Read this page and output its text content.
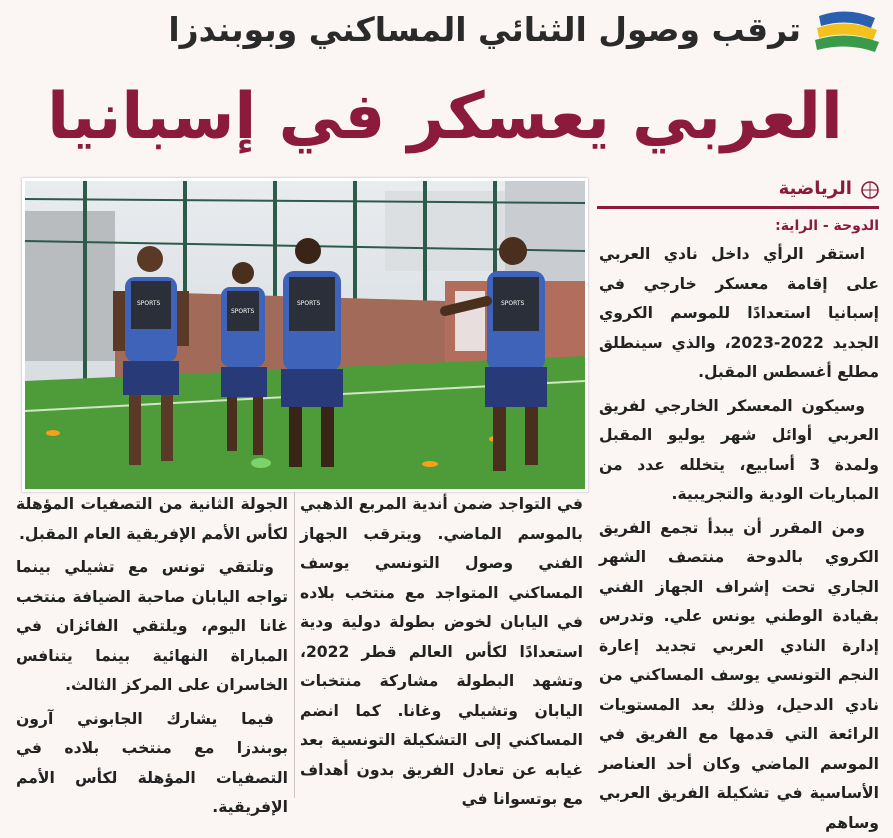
ترقب وصول الثنائي المساكني وبوبندزا
العربي يعسكر في إسبانيا
SPORTS
SPORTS
SPORTS	SPORTS
الرياضية
الدوحة - الراية:

استقر الرأي داخل نادي العربي على إقامة معسكر خارجي في إسبانيا استعدادًا للموسم الكروي الجديد 2022-2023، والذي سينطلق مطلع أغسطس المقبل.

وسيكون المعسكر الخارجي لفريق العربي أوائل شهر يوليو المقبل ولمدة 3 أسابيع، يتخلله عدد من المباريات الودية والتجريبية.

ومن المقرر أن يبدأ تجمع الفريق الكروي بالدوحة منتصف الشهر الجاري تحت إشراف الجهاز الفني بقيادة الوطني يونس علي. وتدرس إدارة النادي العربي تجديد إعارة النجم التونسي يوسف المساكني من نادي الدحيل، وذلك بعد المستويات الرائعة التي قدمها مع الفريق في الموسم الماضي وكان أحد العناصر الأساسية في تشكيلة الفريق العربي وساهم

في التواجد ضمن أندية المربع الذهبي بالموسم الماضي. ويترقب الجهاز الفني وصول التونسي يوسف المساكني المتواجد مع منتخب بلاده في اليابان لخوض بطولة دولية ودية استعدادًا لكأس العالم قطر 2022، وتشهد البطولة مشاركة منتخبات اليابان وتشيلي وغانا. كما انضم المساكني إلى التشكيلة التونسية بعد غيابه عن تعادل الفريق بدون أهداف مع بوتسوانا في

الجولة الثانية من التصفيات المؤهلة لكأس الأمم الإفريقية العام المقبل.

وتلتقي تونس مع تشيلي بينما تواجه اليابان صاحبة الضيافة منتخب غانا اليوم، ويلتقي الفائزان في المباراة النهائية بينما يتنافس الخاسران على المركز الثالث.

فيما يشارك الجابوني آرون بوبندزا مع منتخب بلاده في التصفيات المؤهلة لكأس الأمم الإفريقية.
